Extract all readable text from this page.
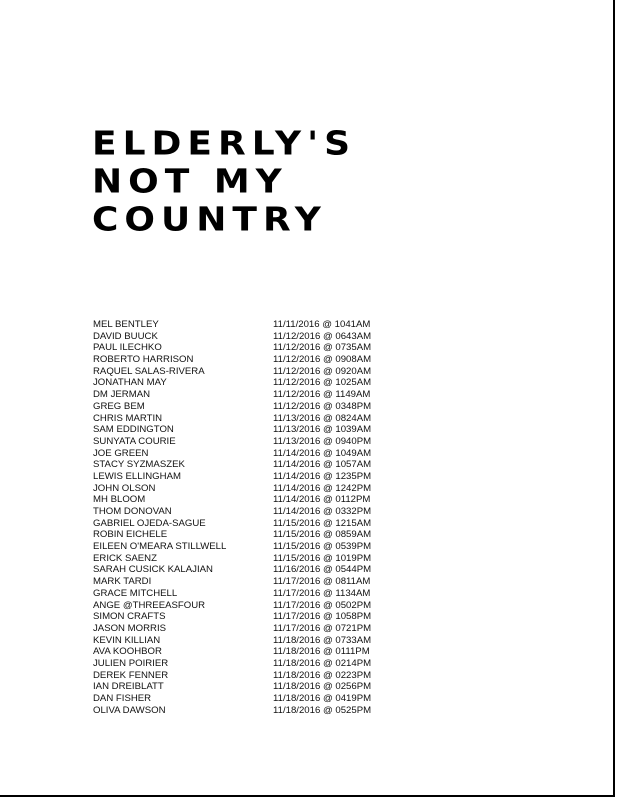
ELDERLY'S
NOT MY
COUNTRY
MEL BENTLEY	11/11/2016 @ 1041AM
DAVID BUUCK	11/12/2016 @ 0643AM
PAUL ILECHKO	11/12/2016 @ 0735AM
ROBERTO HARRISON	11/12/2016 @ 0908AM
RAQUEL SALAS-RIVERA	11/12/2016 @ 0920AM
JONATHAN MAY	11/12/2016 @ 1025AM
DM JERMAN	11/12/2016 @ 1149AM
GREG BEM	11/12/2016 @ 0348PM
CHRIS MARTIN	11/13/2016 @ 0824AM
SAM EDDINGTON	11/13/2016 @ 1039AM
SUNYATA COURIE	11/13/2016 @ 0940PM
JOE GREEN	11/14/2016 @ 1049AM
STACY SYZMASZEK	11/14/2016 @ 1057AM
LEWIS ELLINGHAM	11/14/2016 @ 1235PM
JOHN OLSON	11/14/2016 @ 1242PM
MH BLOOM	11/14/2016 @ 0112PM
THOM DONOVAN	11/14/2016 @ 0332PM
GABRIEL OJEDA-SAGUE	11/15/2016 @ 1215AM
ROBIN EICHELE	11/15/2016 @ 0859AM
EILEEN O'MEARA STILLWELL	11/15/2016 @ 0539PM
ERICK SAENZ	11/15/2016 @ 1019PM
SARAH CUSICK KALAJIAN	11/16/2016 @ 0544PM
MARK TARDI	11/17/2016 @ 0811AM
GRACE MITCHELL	11/17/2016 @ 1134AM
ANGE @THREEASFOUR	11/17/2016 @ 0502PM
SIMON CRAFTS	11/17/2016 @ 1058PM
JASON MORRIS	11/17/2016 @ 0721PM
KEVIN KILLIAN	11/18/2016 @ 0733AM
AVA KOOHBOR	11/18/2016 @ 0111PM
JULIEN POIRIER	11/18/2016 @ 0214PM
DEREK FENNER	11/18/2016 @ 0223PM
IAN DREIBLATT	11/18/2016 @ 0256PM
DAN FISHER	11/18/2016 @ 0419PM
OLIVA DAWSON	11/18/2016 @ 0525PM
